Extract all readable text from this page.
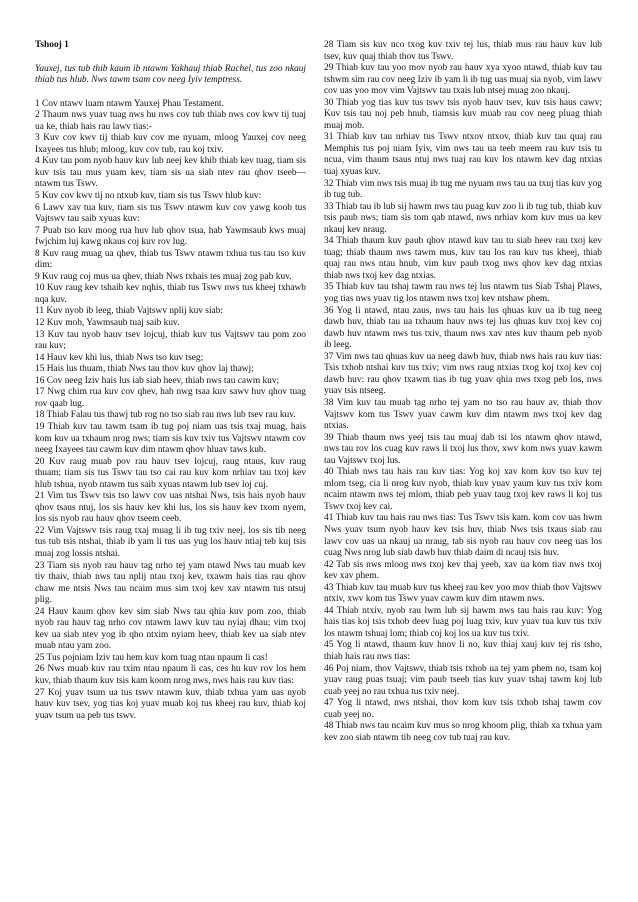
Tshooj 1

Yauxej, tus tub thib kaum ib ntawm Yakhauj thiab Rachel, tus zoo nkauj thiab tus hlub. Nws tawm tsam cov neeg Iyiv temptress.

1 Cov ntawv luam ntawm Yauxej Phau Testament.

2 Thaum nws yuav tuag nws hu nws cov tub thiab nws cov kwv tij tuaj ua ke, thiab hais rau lawv tias:-

3 Kuv cov kwv tij thiab kuv cov me nyuam, mloog Yauxej cov neeg Ixayees tus hlub; mloog, kuv cov tub, rau koj txiv.

4 Kuv tau pom nyob hauv kuv lub neej kev khib thiab kev tuag, tiam sis kuv tsis tau mus yuam kev, tiam sis ua siab ntev rau qhov tseeb—ntawm tus Tswv.

5 Kuv cov kwv tij no ntxub kuv, tiam sis tus Tswv hlub kuv:

6 Lawv xav tua kuv, tiam sis tus Tswv ntawm kuv cov yawg koob tus Vajtswv tau saib xyuas kuv:

7 Puab tso kuv moog rua huv lub qhov tsua, hab Yawmsaub kws muaj fwjchim luj kawg nkaus coj kuv rov lug.

8 Kuv raug muag ua qhev, thiab tus Tswv ntawm txhua tus tau tso kuv dim:

9 Kuv raug coj mus ua qhev, thiab Nws txhais tes muaj zog pab kuv.

10 Kuv raug kev tshaib kev nqhis, thiab tus Tswv nws tus kheej txhawb nqa kuv.

11 Kuv nyob ib leeg, thiab Vajtswv nplij kuv siab:

12 Kuv mob, Yawmsaub tuaj saib kuv.

13 Kuv tau nyob hauv tsev lojcuj, thiab kuv tus Vajtswv tau pom zoo rau kuv;

14 Hauv kev khi lus, thiab Nws tso kuv tseg;

15 Hais lus thuam, thiab Nws tau thov kuv qhov laj thawj;

16 Cov neeg Iziv hais lus iab siab heev, thiab nws tau cawm kuv;

17 Nwg chim rua kuv cov qhev, hab nwg tsaa kuv sawv huv qhov tuag rov qaab lug.

18 Thiab Falau tus thawj tub rog no tso siab rau nws lub tsev rau kuv.

19 Thiab kuv tau tawm tsam ib tug poj niam uas tsis txaj muag, hais kom kuv ua txhaum nrog nws; tiam sis kuv txiv tus Vajtswv ntawm cov neeg Ixayees tau cawm kuv dim ntawm qhov hluav taws kub.

20 Kuv raug muab pov rau hauv tsev lojcuj, raug ntaus, kuv raug thuam; tiam sis tus Tswv tau tso cai rau kuv kom nrhiav tau txoj kev hlub tshua, nyob ntawm tus saib xyuas ntawm lub tsev loj cuj.

21 Vim tus Tswv tsis tso lawv cov uas ntshai Nws, tsis hais nyob hauv qhov tsaus ntuj, los sis hauv kev khi lus, los sis hauv kev txom nyem, los sis nyob rau hauv qhov tseem ceeb.

22 Vim Vajtswv tsis raug txaj muag li ib tug txiv neej, los sis tib neeg tus tub tsis ntshai, thiab ib yam li tus uas yug los hauv ntiaj teb kuj tsis muaj zog lossis ntshai.

23 Tiam sis nyob rau hauv tag nrho tej yam ntawd Nws tau muab kev tiv thaiv, thiab nws tau nplij ntau txoj kev, txawm hais tias rau qhov chaw me ntsis Nws tau ncaim mus sim txoj kev xav ntawm tus ntsuj plig.

24 Hauv kaum qhov kev sim siab Nws tau qhia kuv pom zoo, thiab nyob rau hauv tag nrho cov ntawm lawv kuv tau nyiaj dhau; vim txoj kev ua siab ntev yog ib qho ntxim nyiam heev, thiab kev ua siab ntev muab ntau yam zoo.

25 Tus pojniam Iziv tau hem kuv kom tuag ntau npaum li cas!

26 Nws muab kuv rau txim ntau npaum li cas, ces hu kuv rov los hem kuv, thiab thaum kuv tsis kam koom nrog nws, nws hais rau kuv tias:

27 Koj yuav tsum ua tus tswv ntawm kuv, thiab txhua yam uas nyob hauv kuv tsev, yog tias koj yuav muab koj tus kheej rau kuv, thiab koj yuav tsum ua peb tus tswv.

28 Tiam sis kuv nco txog kuv txiv tej lus, thiab mus rau hauv kuv lub tsev, kuv quaj thiab thov tus Tswv.

29 Thiab kuv tau yoo mov nyob rau hauv xya xyoo ntawd, thiab kuv tau tshwm sim rau cov neeg Iziv ib yam li ib tug uas muaj sia nyob, vim lawv cov uas yoo mov vim Vajtswv tau txais lub ntsej muag zoo nkauj.

30 Thiab yog tias kuv tus tswv tsis nyob hauv tsev, kuv tsis haus cawv; Kuv tsis tau noj peb hnub, tiamsis kuv muab rau cov neeg pluag thiab muaj mob.

31 Thiab kuv tau nrhiav tus Tswv ntxov ntxov, thiab kuv tau quaj rau Memphis tus poj niam Iyiv, vim nws tau ua teeb meem rau kuv tsis tu ncua, vim thaum tsaus ntuj nws tuaj rau kuv los ntawm kev dag ntxias tuaj xyuas kuv.

32 Thiab vim nws tsis muaj ib tug me nyuam nws tau ua txuj tias kuv yog ib tug tub.

33 Thiab tau ib lub sij hawm nws tau puag kuv zoo li ib tug tub, thiab kuv tsis paub nws; tiam sis tom qab ntawd, nws nrhiav kom kuv mus ua kev nkauj kev nraug.

34 Thiab thaum kuv paub qhov ntawd kuv tau tu siab heev rau txoj kev tuag; thiab thaum nws tawm mus, kuv tau los rau kuv tus kheej, thiab quaj rau nws ntau hnub, vim kuv paub txog nws qhov kev dag ntxias thiab nws txoj kev dag ntxias.

35 Thiab kuv tau tshaj tawm rau nws tej lus ntawm tus Siab Tshaj Plaws, yog tias nws yuav tig los ntawm nws txoj kev ntshaw phem.

36 Yog li ntawd, ntau zaus, nws tau hais lus qhuas kuv ua ib tug neeg dawb huv, thiab tau ua txhaum hauv nws tej lus qhuas kuv txoj kev coj dawb huv ntawm nws tus txiv, thaum nws xav ntes kuv thaum peb nyob ib leeg.

37 Vim nws tau qhuas kuv ua neeg dawb huv, thiab nws hais rau kuv tias: Tsis txhob ntshai kuv tus txiv; vim nws raug ntxias txog koj txoj kev coj dawb huv: rau qhov txawm tias ib tug yuav qhia nws txog peb los, nws yuav tsis ntseeg.

38 Vim kuv tau muab tag nrho tej yam no tso rau hauv av, thiab thov Vajtswv kom tus Tswv yuav cawm kuv dim ntawm nws txoj kev dag ntxias.

39 Thiab thaum nws yeej tsis tau muaj dab tsi los ntawm qhov ntawd, nws tau rov los cuag kuv raws li txoj lus thov, xwv kom nws yuav kawm tau Vajtswv txoj lus.

40 Thiab nws tau hais rau kuv tias: Yog koj xav kom kuv tso kuv tej mlom tseg, cia li nrog kuv nyob, thiab kuv yuav yaum kuv tus txiv kom ncaim ntawm nws tej mlom, thiab peb yuav taug txoj kev raws li koj tus Tswv txoj kev cai.

41 Thiab kuv tau hais rau nws tias: Tus Tswv tsis kam. kom cov uas hwm Nws yuav tsum nyob hauv kev tsis huv, thiab Nws tsis txaus siab rau lawv cov uas ua nkauj ua nraug, tab sis nyob rau hauv cov neeg uas los cuag Nws nrog lub siab dawb huv thiab daim di ncauj tsis huv.

42 Tab sis nws mloog nws txoj kev thaj yeeb, xav ua kom tiav nws txoj kev xav phem.

43 Thiab kuv tau muab kuv tus kheej rau kev yoo mov thiab thov Vajtswv ntxiv, xwv kom tus Tswv yuav cawm kuv dim ntawm nws.

44 Thiab ntxiv, nyob rau lwm lub sij hawm nws tau hais rau kuv: Yog hais tias koj tsis txhob deev luag poj luag txiv, kuv yuav tua kuv tus txiv los ntawm tshuaj lom; thiab coj koj los ua kuv tus txiv.

45 Yog li ntawd, thaum kuv hnov li no, kuv thiaj xauj kuv tej ris tsho, thiab hais rau nws tias:

46 Poj niam, thov Vajtswv, thiab tsis txhob ua tej yam phem no, tsam koj yuav raug puas tsuaj; vim paub tseeb tias kuv yuav tshaj tawm koj lub cuab yeej no rau txhua tus txiv neej.

47 Yog li ntawd, nws ntshai, thov kom kuv tsis txhob tshaj tawm cov cuab yeej no.

48 Thiab nws tau ncaim kuv mus so nrog khoom plig, thiab xa txhua yam kev zoo siab ntawm tib neeg cov tub tuaj rau kuv.
